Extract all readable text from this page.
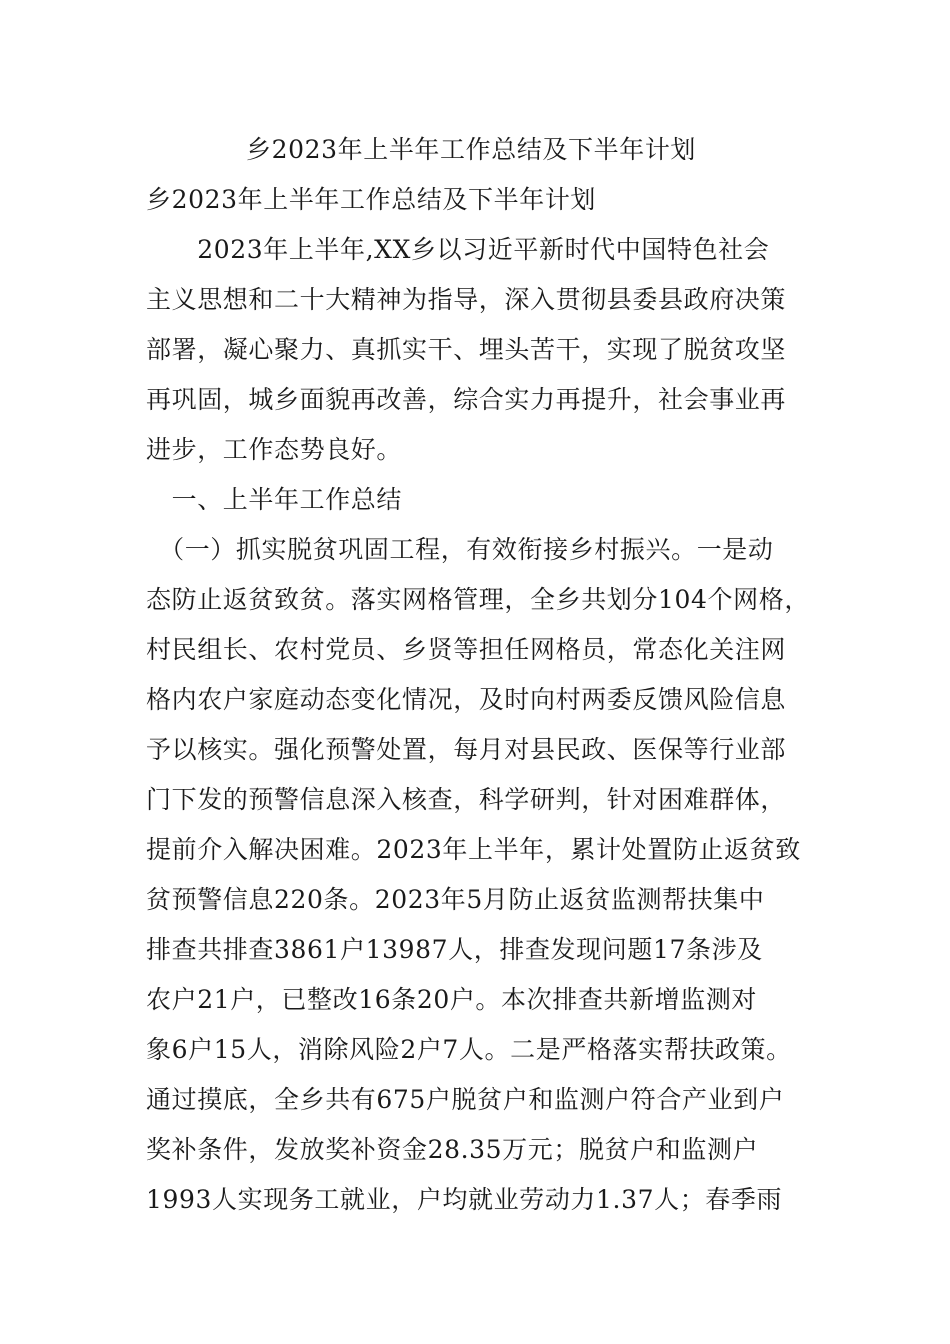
乡2023年上半年工作总结及下半年计划
乡2023年上半年工作总结及下半年计划
　　2023年上半年,XX乡以习近平新时代中国特色社会
主义思想和二十大精神为指导，深入贯彻县委县政府决策
部署，凝心聚力、真抓实干、埋头苦干，实现了脱贫攻坚
再巩固，城乡面貌再改善，综合实力再提升，社会事业再
进步，工作态势良好。
　一、上半年工作总结
　（一）抓实脱贫巩固工程，有效衔接乡村振兴。一是动
态防止返贫致贫。落实网格管理，全乡共划分104个网格，
村民组长、农村党员、乡贤等担任网格员，常态化关注网
格内农户家庭动态变化情况，及时向村两委反馈风险信息
予以核实。强化预警处置，每月对县民政、医保等行业部
门下发的预警信息深入核查，科学研判，针对困难群体，
提前介入解决困难。2023年上半年，累计处置防止返贫致
贫预警信息220条。2023年5月防止返贫监测帮扶集中
排查共排查3861户13987人，排查发现问题17条涉及
农户21户，已整改16条20户。本次排查共新增监测对
象6户15人，消除风险2户7人。二是严格落实帮扶政策。
通过摸底，全乡共有675户脱贫户和监测户符合产业到户
奖补条件，发放奖补资金28.35万元；脱贫户和监测户
1993人实现务工就业，户均就业劳动力1.37人；春季雨
